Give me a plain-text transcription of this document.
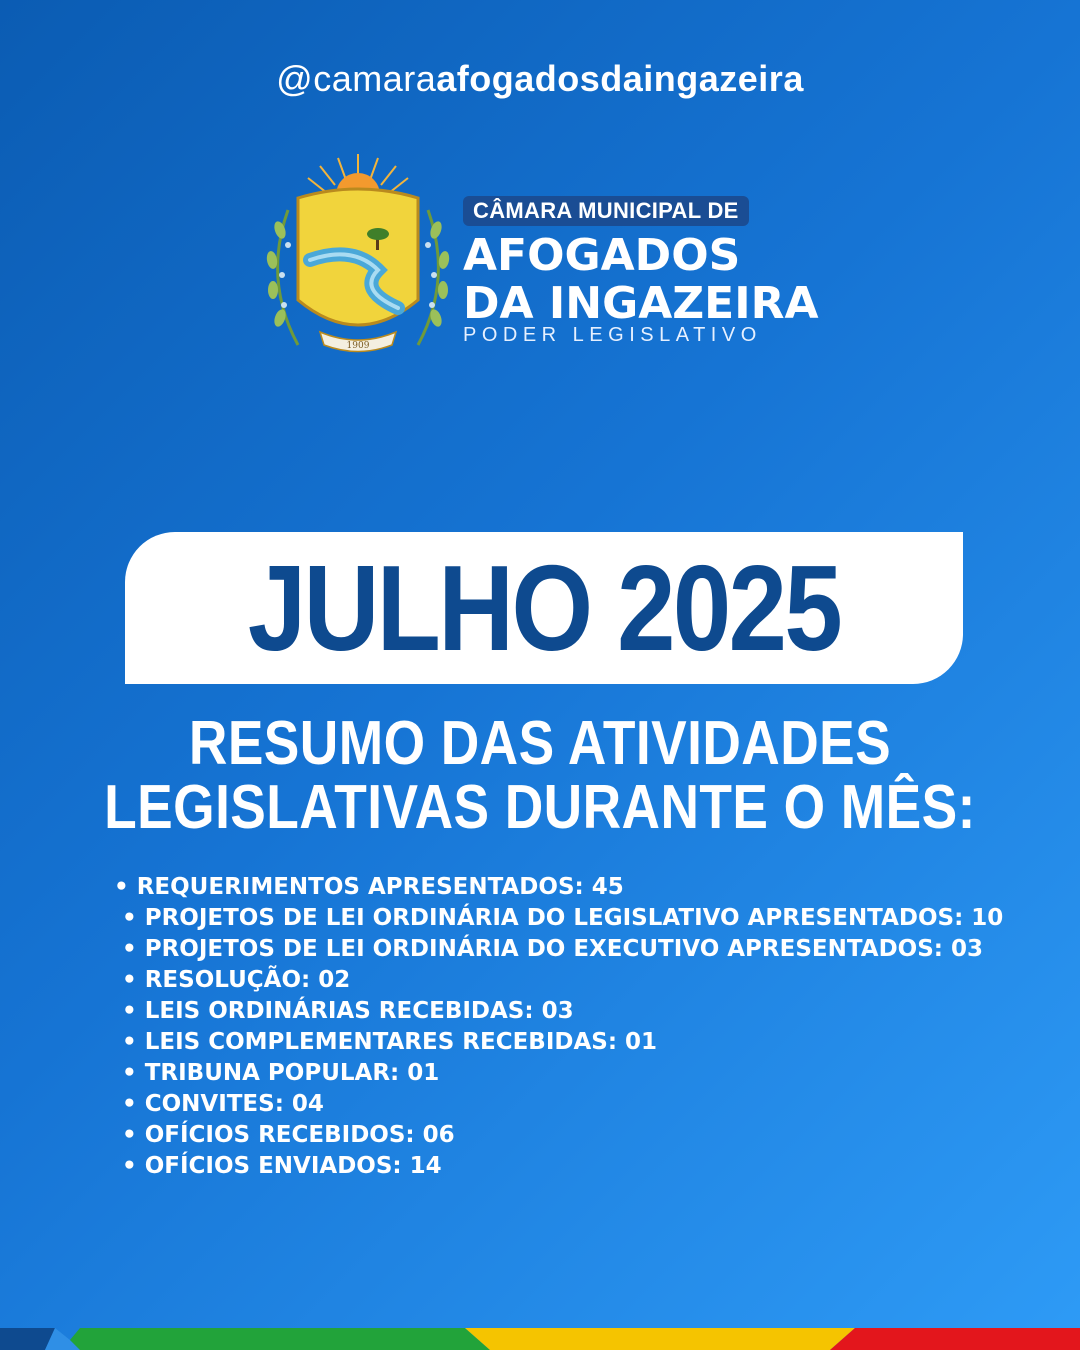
@camaraafogadosdaingazeira
1909
CÂMARA MUNICIPAL DE
AFOGADOS
DA INGAZEIRA
PODER LEGISLATIVO
JULHO 2025
RESUMO DAS ATIVIDADES
LEGISLATIVAS DURANTE O MÊS:
• REQUERIMENTOS APRESENTADOS: 45
• PROJETOS DE LEI ORDINÁRIA DO LEGISLATIVO APRESENTADOS: 10
• PROJETOS DE LEI ORDINÁRIA DO EXECUTIVO APRESENTADOS: 03
• RESOLUÇÃO: 02
• LEIS ORDINÁRIAS RECEBIDAS: 03
• LEIS COMPLEMENTARES RECEBIDAS: 01
• TRIBUNA POPULAR: 01
• CONVITES: 04
• OFÍCIOS RECEBIDOS: 06
• OFÍCIOS ENVIADOS: 14
